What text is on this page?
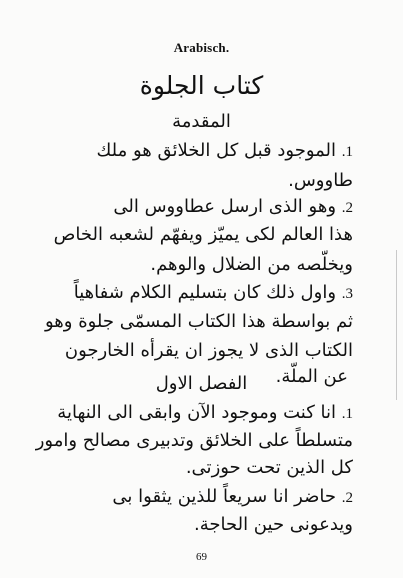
Arabisch.
كتاب الجلوة
المقدمة
1. الموجود قبل كل الخلائق هو ملك
طاووس.
2. وهو الذى ارسل عطاووس الى
هذا العالم لكى يميّز ويفهّم لشعبه الخاص
ويخلّصه من الضلال والوهم.
3. واول ذلك كان بتسليم الكلام شفاهياً
ثم بواسطة هذا الكتاب المسمّى جلوة وهو
الكتاب الذى لا يجوز ان يقرأه الخارجون
عن الملّة.
الفصل الاول
1. انا كنت وموجود الآن وابقى الى النهاية
متسلطاً على الخلائق وتدبيرى مصالح وامور
كل الذين تحت حوزتى.
2. حاضر انا سريعاً للذين يثقوا بى
ويدعونى حين الحاجة.
69
